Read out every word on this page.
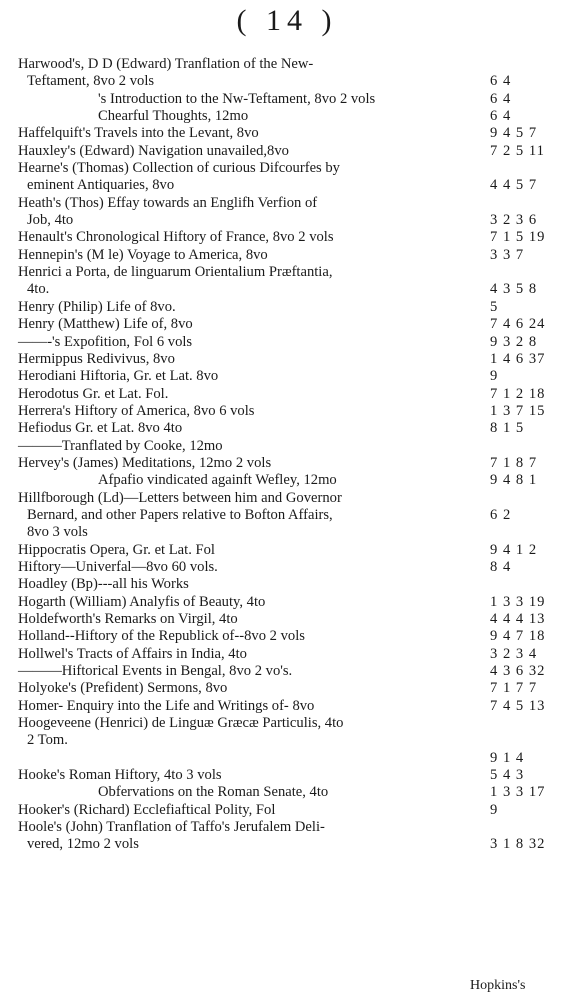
( 14 )
Harwood's, D D (Edward) Tranflation of the New-
Teftament, 8vo 2 vols	6 4
's Introduction to the Nw-Teftament, 8vo 2 vols	6 4
Chearful Thoughts, 12mo	6 4
Haffelquift's Travels into the Levant, 8vo	9 4 5 7
Hauxley's (Edward) Navigation unavailed,8vo	7 2 5 11
Hearne's (Thomas) Collection of curious Difcourfes by
eminent Antiquaries, 8vo	4 4 5 7
Heath's (Thos) Effay towards an Englifh Verfion of
Job, 4to	3 2 3 6
Henault's Chronological Hiftory of France, 8vo 2 vols	7 1 5 19
Hennepin's (M le) Voyage to America, 8vo	3 3 7
Henrici a Porta, de linguarum Orientalium Præftantia,
4to.	4 3 5 8
Henry (Philip) Life of 8vo.	5
Henry (Matthew) Life of, 8vo	7 4 6 24
——-'s Expofition, Fol 6 vols	9 3 2 8
Hermippus Redivivus, 8vo	1 4 6 37
Herodiani Hiftoria, Gr. et Lat. 8vo	9
Herodotus Gr. et Lat. Fol.	7 1 2 18
Herrera's Hiftory of America, 8vo 6 vols	1 3 7 15
Hefiodus Gr. et Lat. 8vo 4to	8 1 5
———Tranflated by Cooke, 12mo
Hervey's (James) Meditations, 12mo 2 vols	7 1 8 7
Afpafio vindicated againft Wefley, 12mo	9 4 8 1
Hillfborough (Ld)—Letters between him and Governor
Bernard, and other Papers relative to Bofton Affairs,	6 2
8vo 3 vols
Hippocratis Opera, Gr. et Lat. Fol	9 4 1 2
Hiftory—Univerfal—8vo 60 vols.	8 4
Hoadley (Bp)---all his Works
Hogarth (William) Analyfis of Beauty, 4to	1 3 3 19
Holdefworth's Remarks on Virgil, 4to	4 4 4 13
Holland--Hiftory of the Republick of--8vo 2 vols	9 4 7 18
Hollwel's Tracts of Affairs in India, 4to	3 2 3 4
———Hiftorical Events in Bengal, 8vo 2 vo's.	4 3 6 32
Holyoke's (Prefident) Sermons, 8vo	7 1 7 7
Homer- Enquiry into the Life and Writings of- 8vo	7 4 5 13
Hoogeveene (Henrici) de Linguæ Græcæ Particulis, 4to
2 Tom.
9 1 4
Hooke's Roman Hiftory, 4to 3 vols	5 4 3
Obfervations on the Roman Senate, 4to	1 3 3 17
Hooker's (Richard) Ecclefiaftical Polity, Fol	9
Hoole's (John) Tranflation of Taffo's Jerufalem Deli-
vered, 12mo 2 vols	3 1 8 32
Hopkins's
